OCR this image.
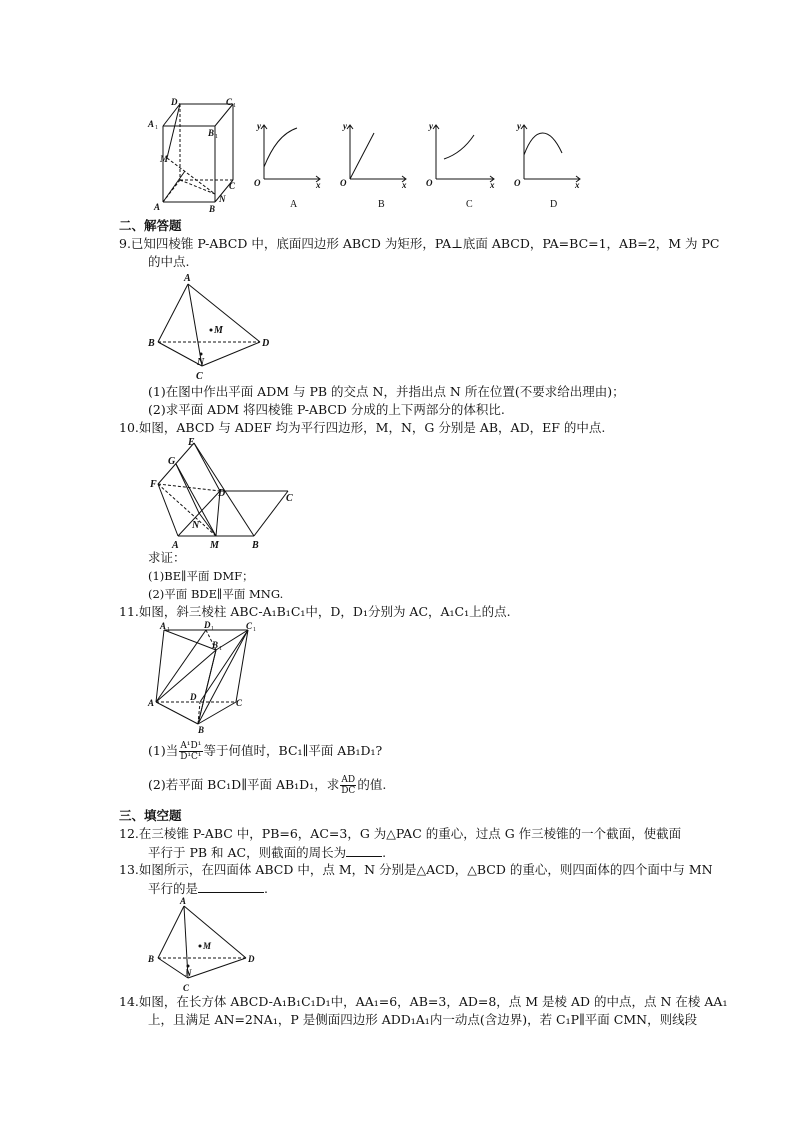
D 1	C 1
A 1	B 1
M
C
N
A	B
y
x
O
A
y
x
O
B
y
x
O
C
y
x
O
D
二、解答题
9.已知四棱锥 P-ABCD 中，底面四边形 ABCD 为矩形，PA⊥底面 ABCD，PA=BC=1，AB=2，M 为 PC
的中点.
A
B
C
D
M
N
(1)在图中作出平面 ADM 与 PB 的交点 N，并指出点 N 所在位置(不要求给出理由)；
(2)求平面 ADM 将四棱锥 P-ABCD 分成的上下两部分的体积比.
10.如图，ABCD 与 ADEF 均为平行四边形，M，N，G 分别是 AB，AD，EF 的中点.
E
G
F
D	C
N
A	M	B
求证：
(1)BE∥平面 DMF；
(2)平面 BDE∥平面 MNG.
11.如图，斜三棱柱 ABC-A₁B₁C₁中，D，D₁分别为 AC，A₁C₁上的点.
A 1	D 1	C 1
B 1
A
D
C
B
(1)当 $\frac{\text{A¹D¹}}{\text{D¹C¹}}$ 等于何值时，BC₁∥平面 AB₁D₁?
(2)若平面 BC₁D∥平面 AB₁D₁，求 $\frac{AD}{DC}$ 的值.
三、填空题
12.在三棱锥 P-ABC 中，PB=6，AC=3，G 为△PAC 的重心，过点 G 作三棱锥的一个截面，使截面
平行于 PB 和 AC，则截面的周长为	.
13.如图所示，在四面体 ABCD 中，点 M，N 分别是△ACD，△BCD 的重心，则四面体的四个面中与 MN
平行的是	.
A
B
C
D
M
N
14.如图，在长方体 ABCD-A₁B₁C₁D₁中，AA₁=6，AB=3，AD=8，点 M 是棱 AD 的中点，点 N 在棱 AA₁
上，且满足 AN=2NA₁，P 是侧面四边形 ADD₁A₁内一动点(含边界)，若 C₁P∥平面 CMN，则线段
